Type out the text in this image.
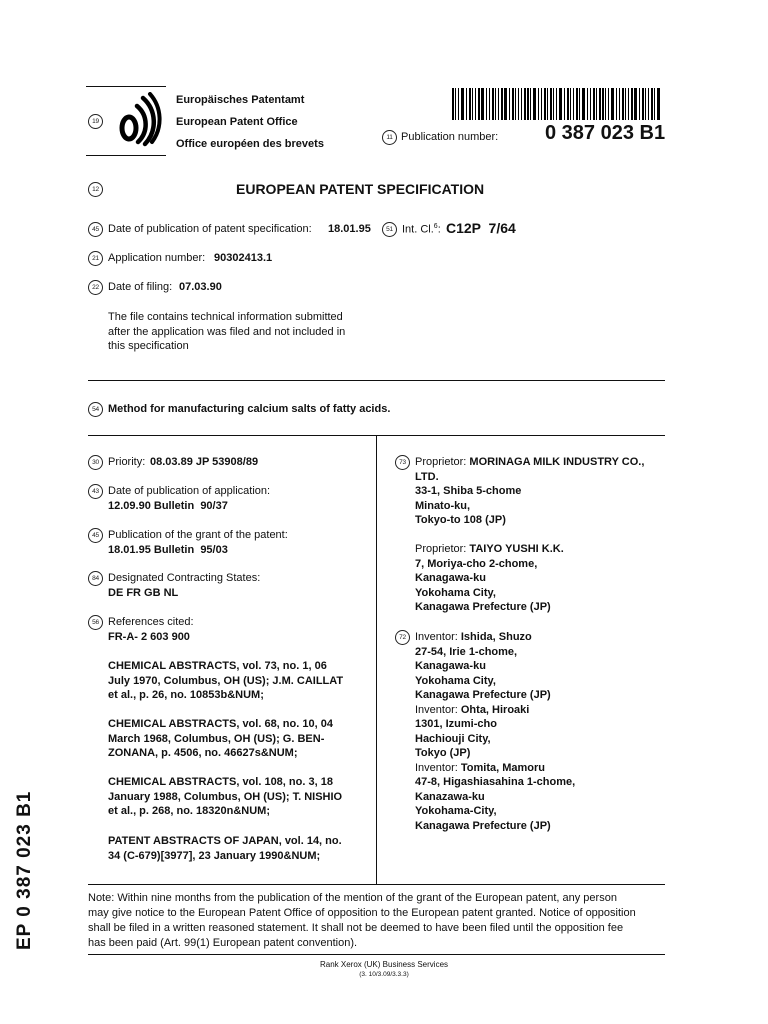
19
Europäisches Patentamt
European Patent Office
Office européen des brevets
11 Publication number: 0 387 023 B1
12	EUROPEAN PATENT SPECIFICATION
45 Date of publication of patent specification: 18.01.95	51 Int. Cl.$^6$: C12P  7/64
21 Application number: 90302413.1
22 Date of filing: 07.03.90
The file contains technical information submitted
after the application was filed and not included in
this specification
54 Method for manufacturing calcium salts of fatty acids.
30 Priority: 08.03.89 JP 53908/89
43 Date of publication of application:
12.09.90 Bulletin  90/37
45 Publication of the grant of the patent:
18.01.95 Bulletin  95/03
84 Designated Contracting States:
DE FR GB NL
56 References cited:
FR-A- 2 603 900
CHEMICAL ABSTRACTS, vol. 73, no. 1, 06
July 1970, Columbus, OH (US); J.M. CAILLAT
et al., p. 26, no. 10853b&NUM;
CHEMICAL ABSTRACTS, vol. 68, no. 10, 04
March 1968, Columbus, OH (US); G. BEN-
ZONANA, p. 4506, no. 46627s&NUM;
CHEMICAL ABSTRACTS, vol. 108, no. 3, 18
January 1988, Columbus, OH (US); T. NISHIO
et al., p. 268, no. 18320n&NUM;
PATENT ABSTRACTS OF JAPAN, vol. 14, no.
34 (C-679)[3977], 23 January 1990&NUM;
73 Proprietor: MORINAGA MILK INDUSTRY CO.,
LTD.
33-1, Shiba 5-chome
Minato-ku,
Tokyo-to 108 (JP)
Proprietor: TAIYO YUSHI K.K.
7, Moriya-cho 2-chome,
Kanagawa-ku
Yokohama City,
Kanagawa Prefecture (JP)
72 Inventor: Ishida, Shuzo
27-54, Irie 1-chome,
Kanagawa-ku
Yokohama City,
Kanagawa Prefecture (JP)
Inventor: Ohta, Hiroaki
1301, Izumi-cho
Hachiouji City,
Tokyo (JP)
Inventor: Tomita, Mamoru
47-8, Higashiasahina 1-chome,
Kanazawa-ku
Yokohama-City,
Kanagawa Prefecture (JP)
Note: Within nine months from the publication of the mention of the grant of the European patent, any person
may give notice to the European Patent Office of opposition to the European patent granted. Notice of opposition
shall be filed in a written reasoned statement. It shall not be deemed to have been filed until the opposition fee
has been paid (Art. 99(1) European patent convention).
Rank Xerox (UK) Business Services
(3. 10/3.09/3.3.3)
EP 0 387 023 B1
